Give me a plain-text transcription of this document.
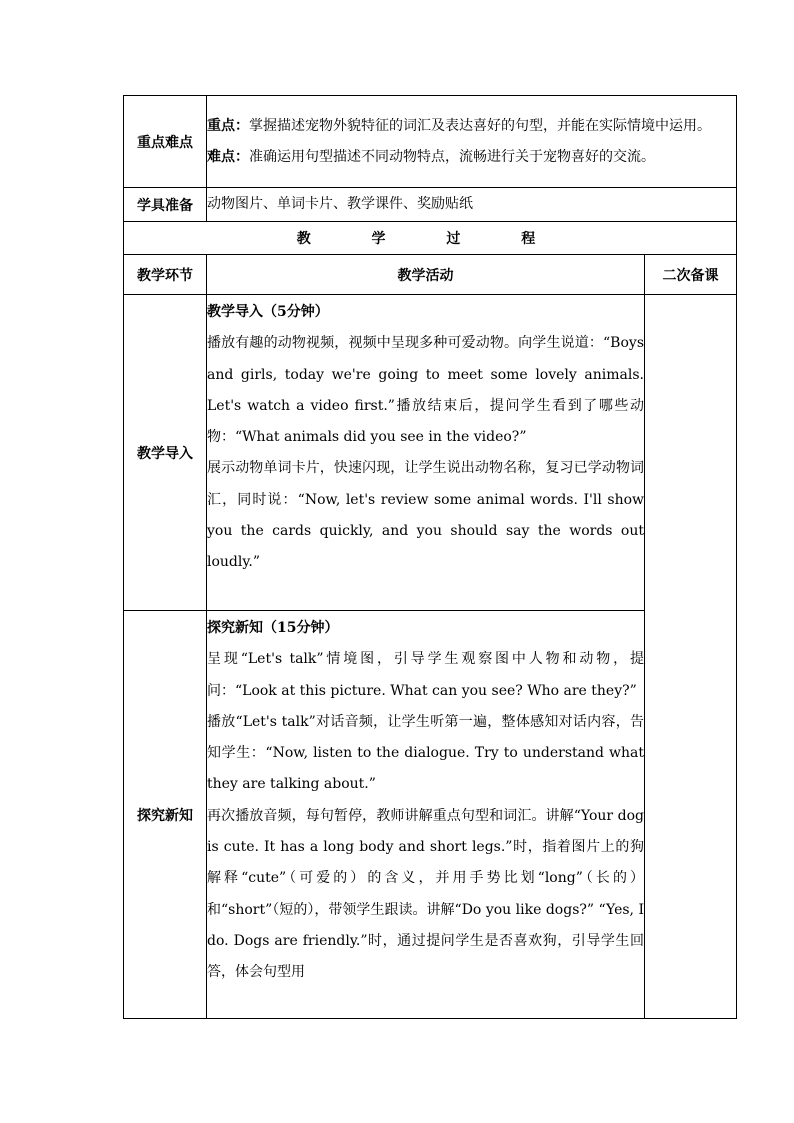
重点难点	重点：掌握描述宠物外貌特征的词汇及表达喜好的句型，并能在实际情境中运用。

难点：准确运用句型描述不同动物特点，流畅进行关于宠物喜好的交流。	

学具准备	动物图片、单词卡片、教学课件、奖励贴纸	
教 学 过 程		
教学环节	教学活动	二次备课
教学导入	教学导入（5分钟）

播放有趣的动物视频，视频中呈现多种可爱动物。向学生说道：“Boys and girls, today we're going to meet some lovely animals. Let's watch a video first.”播放结束后，提问学生看到了哪些动物：“What animals did you see in the video?”

展示动物单词卡片，快速闪现，让学生说出动物名称，复习已学动物词汇，同时说：“Now, let's review some animal words. I'll show you the cards quickly, and you should say the words out loudly.”	

探究新知	探究新知（15分钟）

呈现“Let's talk”情境图，引导学生观察图中人物和动物，提问：“Look at this picture. What can you see? Who are they?”

播放“Let's talk”对话音频，让学生听第一遍，整体感知对话内容，告知学生：“Now, listen to the dialogue. Try to understand what they are talking about.”

再次播放音频，每句暂停，教师讲解重点句型和词汇。讲解“Your dog is cute. It has a long body and short legs.”时，指着图片上的狗解释“cute”（可爱的）的含义，并用手势比划“long”（长的）和“short”（短的），带领学生跟读。讲解“Do you like dogs?” “Yes, I do. Dogs are friendly.”时，通过提问学生是否喜欢狗，引导学生回答，体会句型用	
